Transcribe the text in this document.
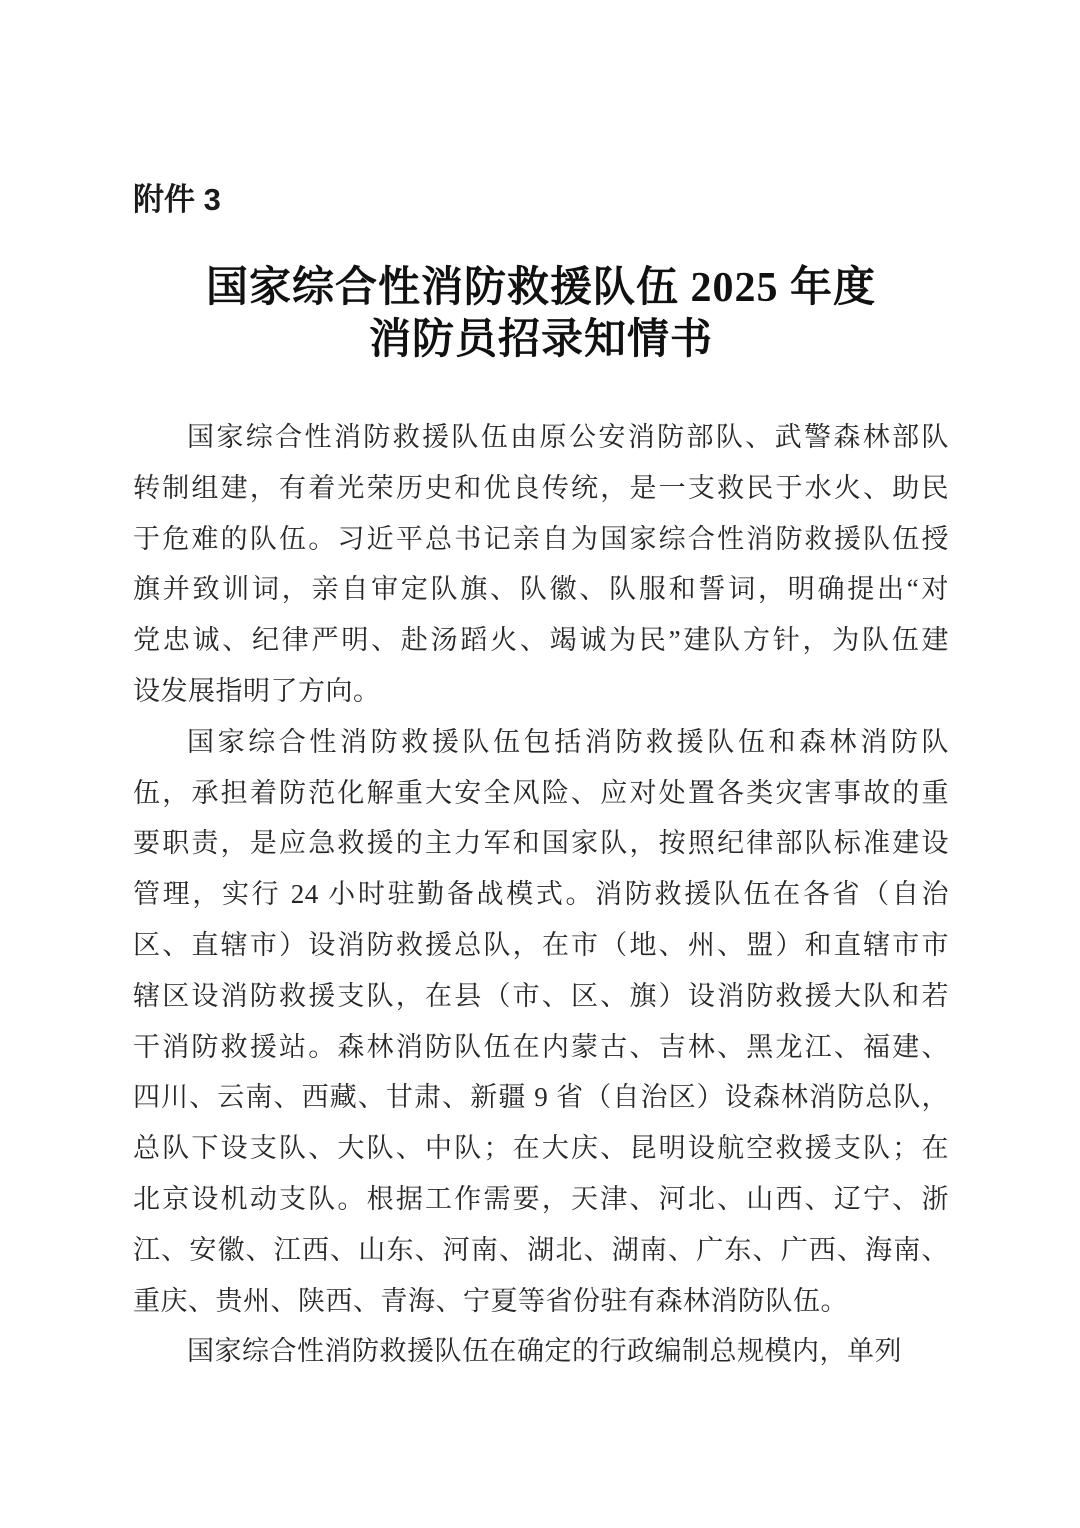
附件 3
国家综合性消防救援队伍 2025 年度
消防员招录知情书
国家综合性消防救援队伍由原公安消防部队、武警森林部队
转制组建，有着光荣历史和优良传统，是一支救民于水火、助民
于危难的队伍。习近平总书记亲自为国家综合性消防救援队伍授
旗并致训词，亲自审定队旗、队徽、队服和誓词，明确提出“对
党忠诚、纪律严明、赴汤蹈火、竭诚为民”建队方针，为队伍建
设发展指明了方向。
国家综合性消防救援队伍包括消防救援队伍和森林消防队
伍，承担着防范化解重大安全风险、应对处置各类灾害事故的重
要职责，是应急救援的主力军和国家队，按照纪律部队标准建设
管理，实行 24 小时驻勤备战模式。消防救援队伍在各省（自治
区、直辖市）设消防救援总队，在市（地、州、盟）和直辖市市
辖区设消防救援支队，在县（市、区、旗）设消防救援大队和若
干消防救援站。森林消防队伍在内蒙古、吉林、黑龙江、福建、
四川、云南、西藏、甘肃、新疆 9 省（自治区）设森林消防总队，
总队下设支队、大队、中队；在大庆、昆明设航空救援支队；在
北京设机动支队。根据工作需要，天津、河北、山西、辽宁、浙
江、安徽、江西、山东、河南、湖北、湖南、广东、广西、海南、
重庆、贵州、陕西、青海、宁夏等省份驻有森林消防队伍。
国家综合性消防救援队伍在确定的行政编制总规模内，单列
